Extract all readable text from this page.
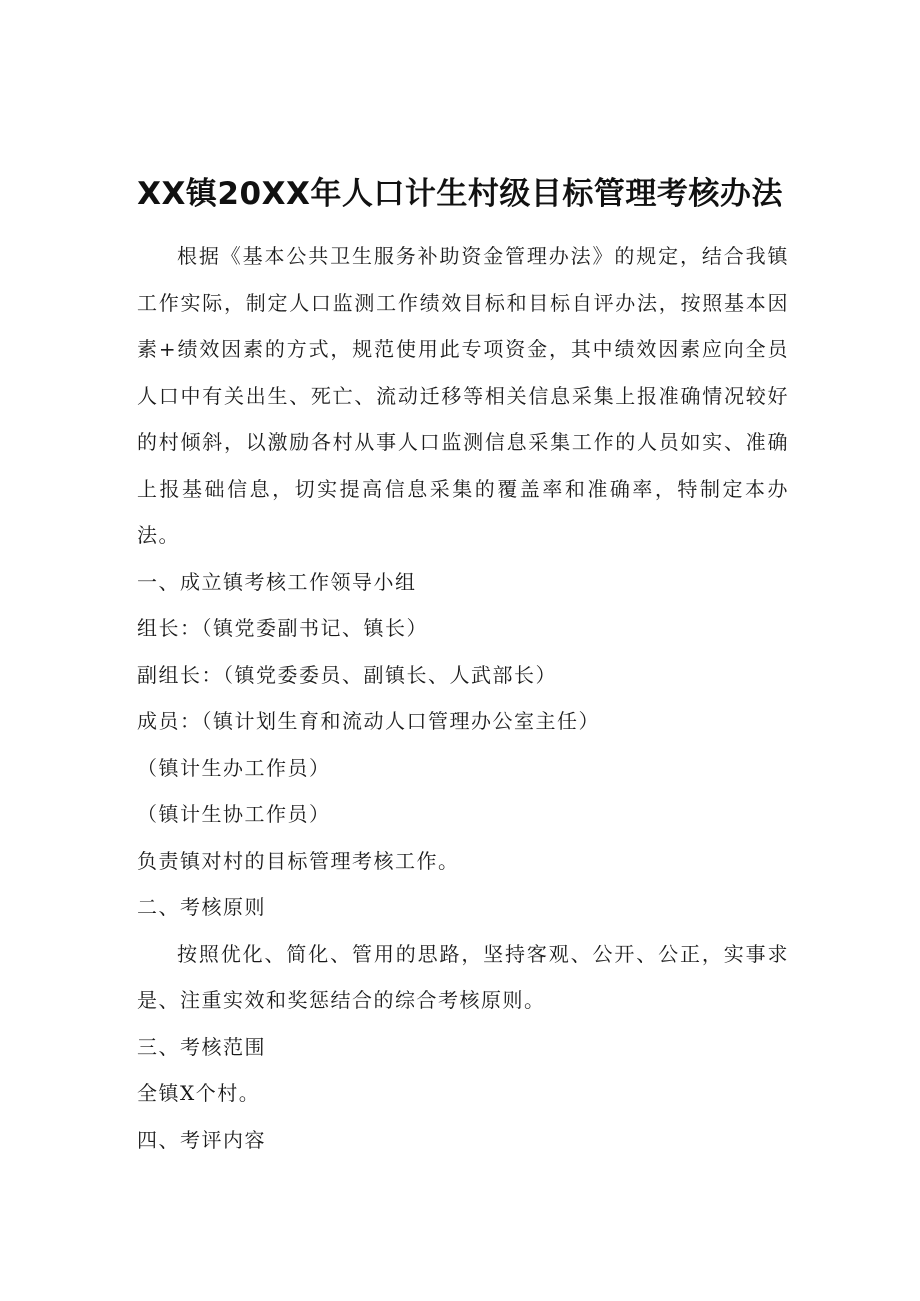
XX镇20XX年人口计生村级目标管理考核办法

根据《基本公共卫生服务补助资金管理办法》的规定，结合我镇工作实际，制定人口监测工作绩效目标和目标自评办法，按照基本因素+绩效因素的方式，规范使用此专项资金，其中绩效因素应向全员人口中有关出生、死亡、流动迁移等相关信息采集上报准确情况较好的村倾斜，以激励各村从事人口监测信息采集工作的人员如实、准确上报基础信息，切实提高信息采集的覆盖率和准确率，特制定本办法。

一、成立镇考核工作领导小组

组长：（镇党委副书记、镇长）

副组长：（镇党委委员、副镇长、人武部长）

成员：（镇计划生育和流动人口管理办公室主任）

（镇计生办工作员）

（镇计生协工作员）

负责镇对村的目标管理考核工作。

二、考核原则

按照优化、简化、管用的思路，坚持客观、公开、公正，实事求是、注重实效和奖惩结合的综合考核原则。

三、考核范围

全镇X个村。

四、考评内容
